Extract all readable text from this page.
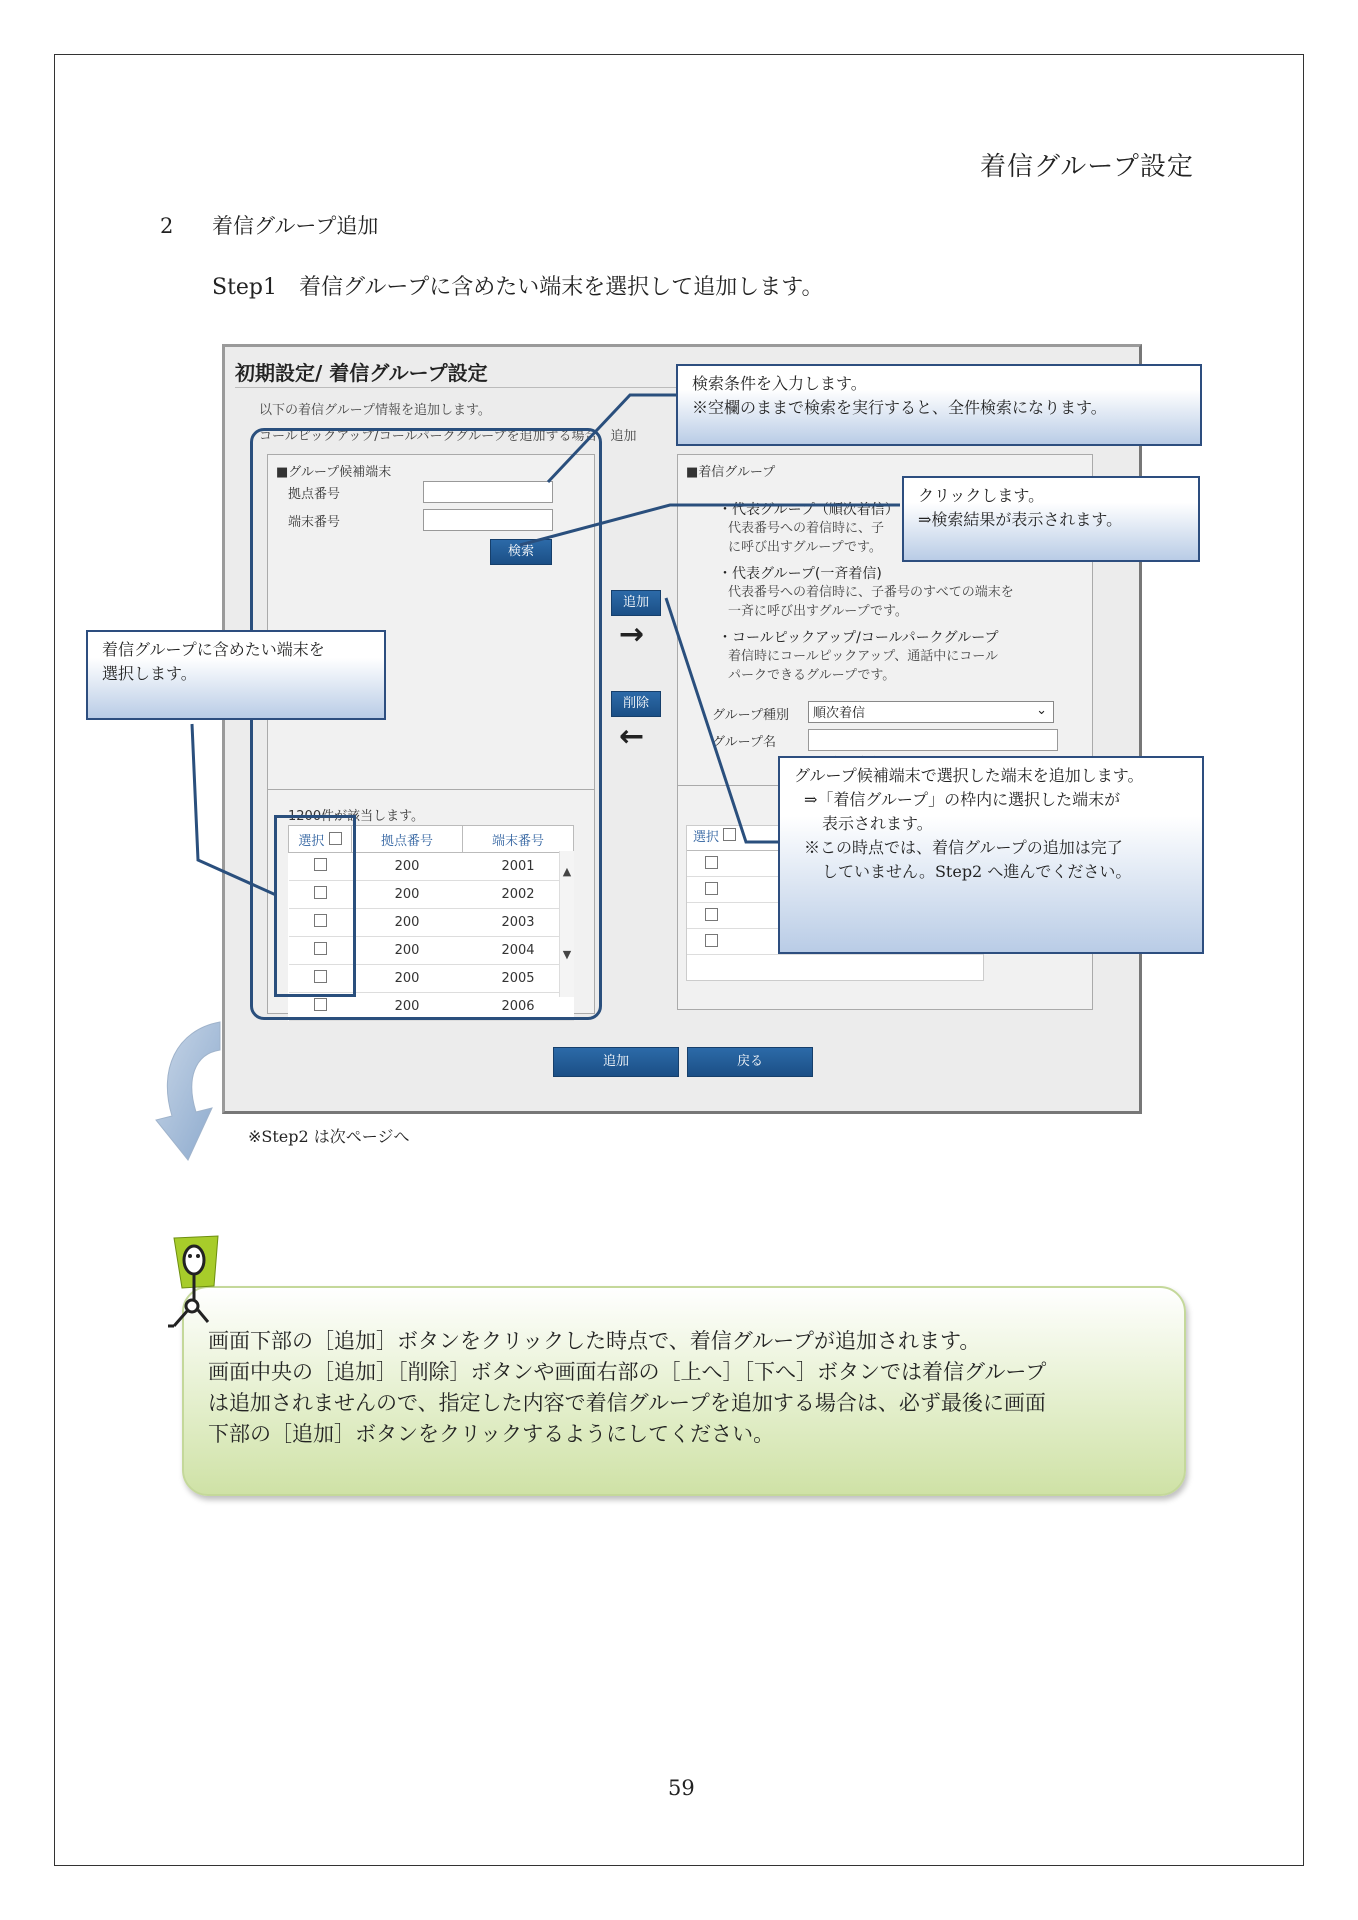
着信グループ設定
2 着信グループ追加
Step1　着信グループに含めたい端末を選択して追加します。
初期設定/ 着信グループ設定
以下の着信グループ情報を追加します。
コールピックアップ/コールパークグループを追加する場合、追加
■グループ候補端末
拠点番号
端末番号
検索
1200件が該当します。
選択	拠点番号	端末番号
	200	2001
	200	2002
	200	2003
	200	2004
	200	2005
	200	2006
▲
▼
追加
→
削除
←
■着信グループ
・代表グループ（順次着信）
代表番号への着信時に、子
に呼び出すグループです。
・代表グループ(一斉着信)
代表番号への着信時に、子番号のすべての端末を
一斉に呼び出すグループです。
・コールピックアップ/コールパークグループ
着信時にコールピックアップ、通話中にコール
パークできるグループです。
グループ種別	順次着信	⌄
グループ名
選択
追加	戻る
検索条件を入力します。
※空欄のままで検索を実行すると、全件検索になります。
クリックします。
⇒検索結果が表示されます。
着信グループに含めたい端末を
選択します。
グループ候補端末で選択した端末を追加します。
⇒「着信グループ」の枠内に選択した端末が
表示されます。
※この時点では、着信グループの追加は完了
していません。Step2 へ進んでください。
※Step2 は次ページへ
画面下部の［追加］ボタンをクリックした時点で、着信グループが追加されます。
画面中央の［追加］［削除］ボタンや画面右部の［上へ］［下へ］ボタンでは着信グループ
は追加されませんので、指定した内容で着信グループを追加する場合は、必ず最後に画面
下部の［追加］ボタンをクリックするようにしてください。
59
